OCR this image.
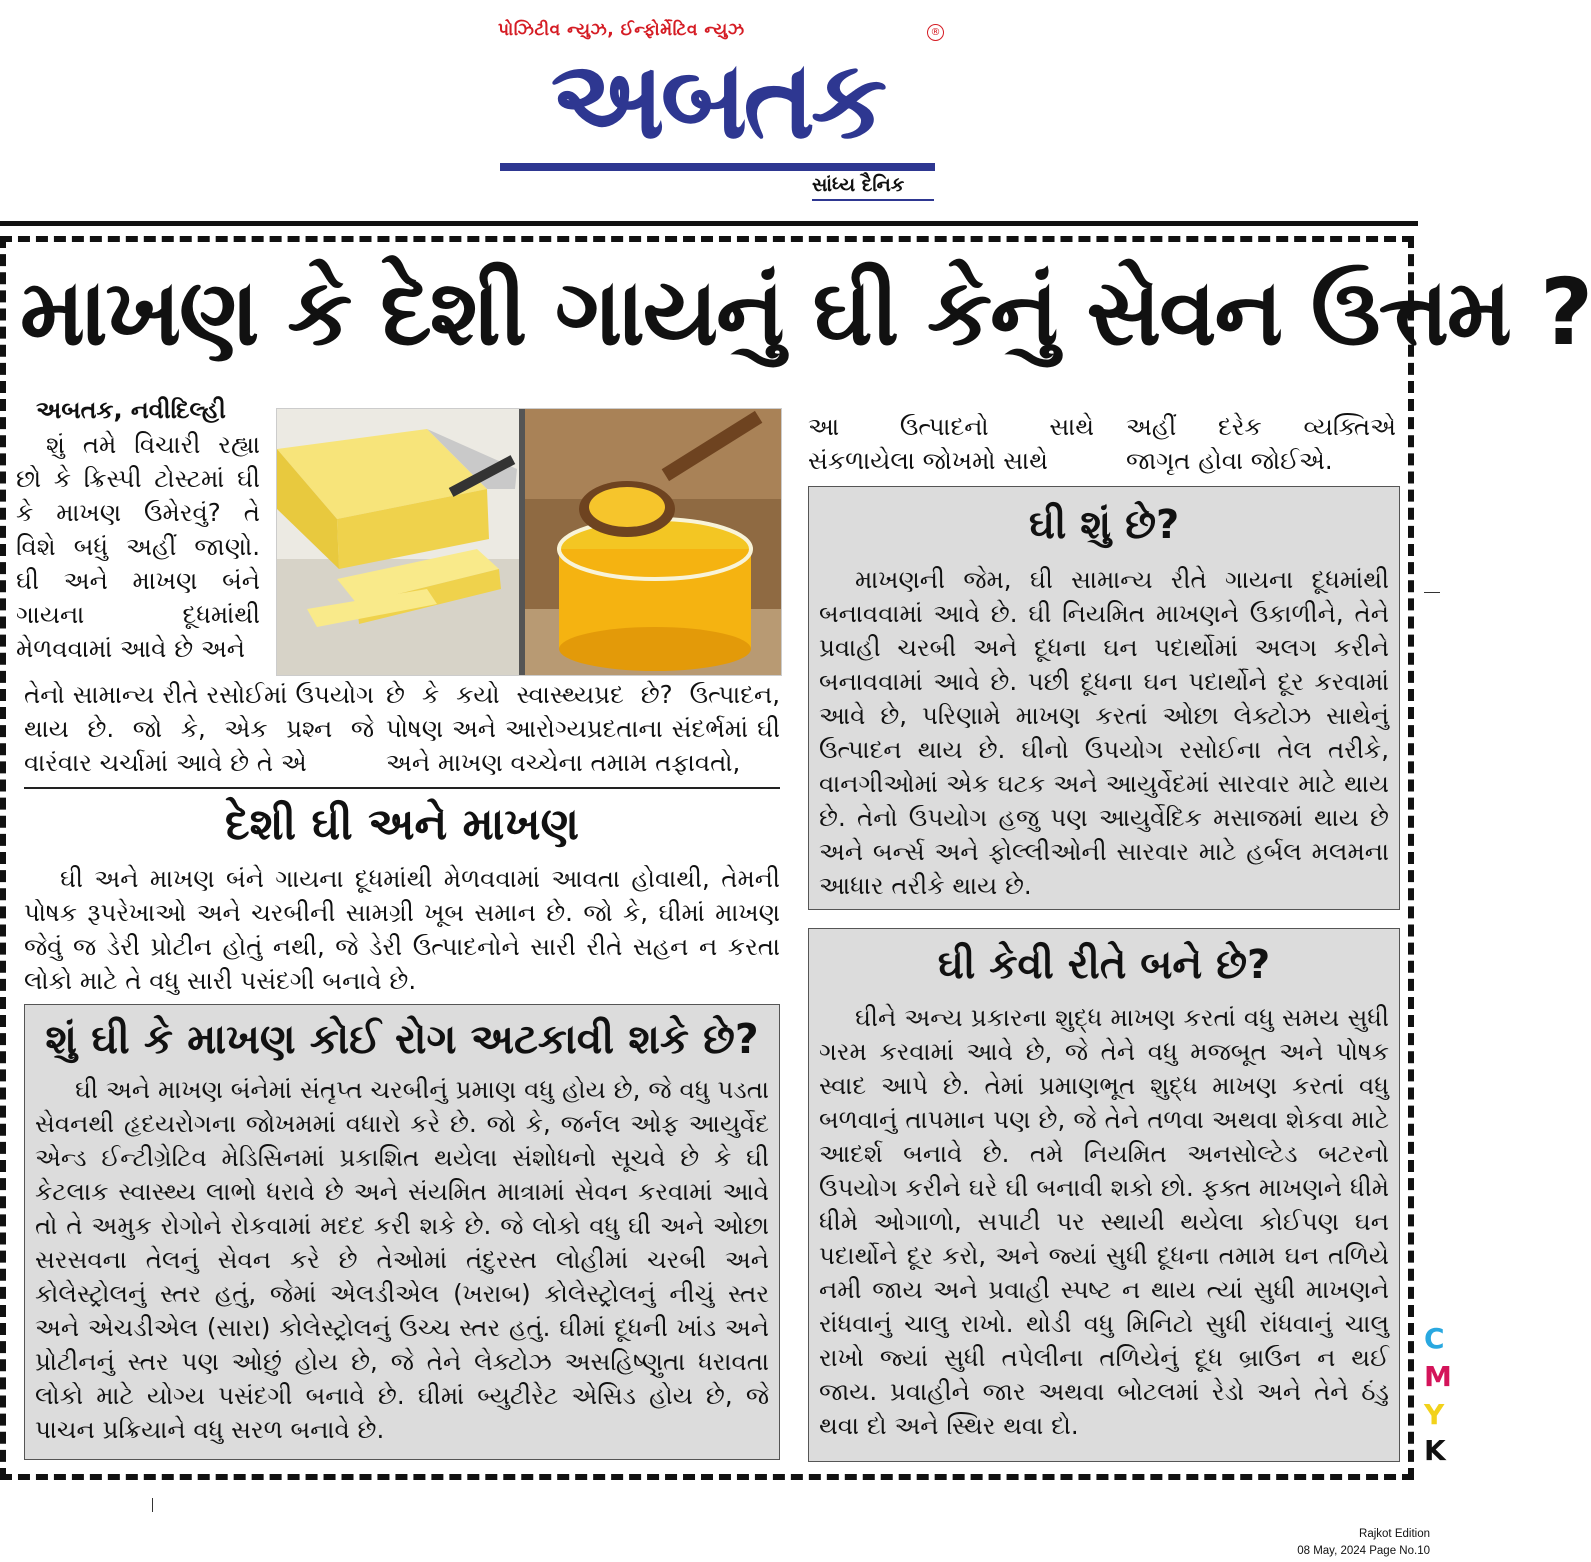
પોઝિટીવ ન્યુઝ, ઈન્ફોર્મેટિવ ન્યુઝ	®
અબતક
સાંધ્ય દૈનિક
માખણ કે દેશી ગાયનું ઘી કેનું સેવન ઉત્તમ ?
અબતક, નવીદિલ્હી
શું તમે વિચારી રહ્યા છો કે ક્રિસ્પી ટોસ્ટમાં ઘી કે માખણ ઉમેરવું? તે વિશે બધું અહીં જાણો. ઘી અને માખણ બંને ગાયના દૂધમાંથી મેળવવામાં આવે છે અને
તેનો સામાન્ય રીતે રસોઈમાં ઉપયોગ થાય છે. જો કે, એક પ્રશ્ન જે વારંવાર ચર્ચામાં આવે છે તે એ
છે કે કયો સ્વાસ્થ્યપ્રદ છે? ઉત્પાદન, પોષણ અને આરોગ્યપ્રદતાના સંદર્ભમાં ઘી અને માખણ વચ્ચેના તમામ તફાવતો,
આ ઉત્પાદનો સાથે સંકળાયેલા જોખમો સાથે
અહીં દરેક વ્યક્તિએ જાગૃત હોવા જોઈએ.
દેશી ઘી અને માખણ
ઘી અને માખણ બંને ગાયના દૂધમાંથી મેળવવામાં આવતા હોવાથી, તેમની પોષક રૂપરેખાઓ અને ચરબીની સામગ્રી ખૂબ સમાન છે. જો કે, ઘીમાં માખણ જેવું જ ડેરી પ્રોટીન હોતું નથી, જે ડેરી ઉત્પાદનોને સારી રીતે સહન ન કરતા લોકો માટે તે વધુ સારી પસંદગી બનાવે છે.
શું ઘી કે માખણ કોઈ રોગ અટકાવી શકે છે?
ઘી અને માખણ બંનેમાં સંતૃપ્ત ચરબીનું પ્રમાણ વધુ હોય છે, જે વધુ પડતા સેવનથી હૃદયરોગના જોખમમાં વધારો કરે છે. જો કે, જર્નલ ઓફ આયુર્વેદ એન્ડ ઈન્ટીગ્રેટિવ મેડિસિનમાં પ્રકાશિત થયેલા સંશોધનો સૂચવે છે કે ઘી કેટલાક સ્વાસ્થ્ય લાભો ધરાવે છે અને સંયમિત માત્રામાં સેવન કરવામાં આવે તો તે અમુક રોગોને રોકવામાં મદદ કરી શકે છે. જે લોકો વધુ ઘી અને ઓછા સરસવના તેલનું સેવન કરે છે તેઓમાં તંદુરસ્ત લોહીમાં ચરબી અને કોલેસ્ટ્રોલનું સ્તર હતું, જેમાં એલડીએલ (ખરાબ) કોલેસ્ટ્રોલનું નીચું સ્તર અને એચડીએલ (સારા) કોલેસ્ટ્રોલનું ઉચ્ચ સ્તર હતું. ઘીમાં દૂધની ખાંડ અને પ્રોટીનનું સ્તર પણ ઓછું હોય છે, જે તેને લેક્ટોઝ અસહિષ્ણુતા ધરાવતા લોકો માટે યોગ્ય પસંદગી બનાવે છે. ઘીમાં બ્યુટીરેટ એસિડ હોય છે, જે પાચન પ્રક્રિયાને વધુ સરળ બનાવે છે.
ઘી શું છે?
માખણની જેમ, ઘી સામાન્ય રીતે ગાયના દૂધમાંથી બનાવવામાં આવે છે. ઘી નિયમિત માખણને ઉકાળીને, તેને પ્રવાહી ચરબી અને દૂધના ઘન પદાર્થોમાં અલગ કરીને બનાવવામાં આવે છે. પછી દૂધના ઘન પદાર્થોને દૂર કરવામાં આવે છે, પરિણામે માખણ કરતાં ઓછા લેક્ટોઝ સાથેનું ઉત્પાદન થાય છે. ઘીનો ઉપયોગ રસોઈના તેલ તરીકે, વાનગીઓમાં એક ઘટક અને આયુર્વેદમાં સારવાર માટે થાય છે. તેનો ઉપયોગ હજુ પણ આયુર્વેદિક મસાજમાં થાય છે અને બર્ન્સ અને ફોલ્લીઓની સારવાર માટે હર્બલ મલમના આધાર તરીકે થાય છે.
ઘી કેવી રીતે બને છે?
ઘીને અન્ય પ્રકારના શુદ્ધ માખણ કરતાં વધુ સમય સુધી ગરમ કરવામાં આવે છે, જે તેને વધુ મજબૂત અને પોષક સ્વાદ આપે છે. તેમાં પ્રમાણભૂત શુદ્ધ માખણ કરતાં વધુ બળવાનું તાપમાન પણ છે, જે તેને તળવા અથવા શેકવા માટે આદર્શ બનાવે છે. તમે નિયમિત અનસોલ્ટેડ બટરનો ઉપયોગ કરીને ઘરે ઘી બનાવી શકો છો. ફક્ત માખણને ધીમે ધીમે ઓગાળો, સપાટી પર સ્થાયી થયેલા કોઈપણ ઘન પદાર્થોને દૂર કરો, અને જ્યાં સુધી દૂધના તમામ ઘન તળિયે નમી જાય અને પ્રવાહી સ્પષ્ટ ન થાય ત્યાં સુધી માખણને રાંધવાનું ચાલુ રાખો. થોડી વધુ મિનિટો સુધી રાંધવાનું ચાલુ રાખો જ્યાં સુધી તપેલીના તળિયેનું દૂધ બ્રાઉન ન થઈ જાય. પ્રવાહીને જાર અથવા બોટલમાં રેડો અને તેને ઠંડુ થવા દો અને સ્થિર થવા દો.
C
M
Y
K
Rajkot Edition
08 May, 2024 Page No.10
